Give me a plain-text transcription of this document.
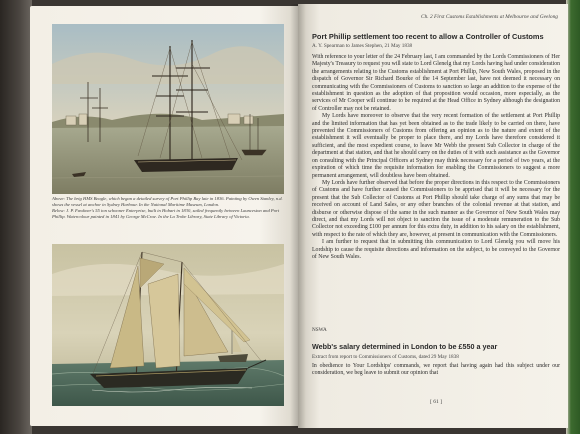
Above: The brig HMS Beagle, which began a detailed survey of Port Phillip Bay late in 1836. Painting by Owen Stanley, n.d. shows the vessel at anchor in Sydney Harbour. In the National Maritime Museum, London.

Below: J. P. Fawkner's 55 ton schooner Enterprise, built in Hobart in 1830, sailed frequently between Launceston and Port Phillip. Watercolour painted in 1841 by George McCrae. In the La Trobe Library, State Library of Victoria.

Ch. 2 First Customs Establishments at Melbourne and Geelong
Port Phillip settlement too recent to allow a Controller of Customs
A. Y. Spearman to James Stephen, 21 May 1838

With reference to your letter of the 24 February last, I am commanded by the Lords Commissioners of Her Majesty's Treasury to request you will state to Lord Glenelg that my Lords having had under consideration the arrangements relating to the Customs establishment at Port Phillip, New South Wales, proposed in the dispatch of Governor Sir Richard Bourke of the 14 September last, have not deemed it necessary on communicating with the Commissioners of Customs to sanction so large an addition to the expense of the establishment in question as the adoption of that proposition would occasion, more especially, as the services of Mr Cooper will continue to be required at the Head Office in Sydney although the designation of Controller may not be retained.

My Lords have moreover to observe that the very recent formation of the settlement at Port Phillip and the limited information that has yet been obtained as to the trade likely to be carried on there, have prevented the Commissioners of Customs from offering an opinion as to the nature and extent of the establishment it will eventually be proper to place there, and my Lords have therefore considered it sufficient, and the most expedient course, to leave Mr Webb the present Sub Collector in charge of the department at that station, and that he should carry on the duties of it with such assistance as the Governor on consulting with the Principal Officers at Sydney may think necessary for a period of two years, at the expiration of which time the requisite information for enabling the Commissioners to suggest a more permanent arrangement, will doubtless have been obtained.

My Lords have further observed that before the proper directions in this respect to the Commissioners of Customs and have further caused the Commissioners to be apprised that it will be necessary for the present that the Sub Collector of Customs at Port Phillip should take charge of any sums that may be received on account of Land Sales, or any other branches of the colonial revenue at that station, and disburse or otherwise dispose of the same in the such manner as the Governor of New South Wales may direct, and that my Lords will not object to sanction the issue of a moderate remuneration to the Sub Collector not exceeding £100 per annum for this extra duty, in addition to his salary on the establishment, with respect to the rate of which they are, however, at present in communication with the Commissioners.

I am further to request that in submitting this communication to Lord Glenelg you will move his Lordship to cause the requisite directions and information on the subject, to be conveyed to the Governor of New South Wales.

NSWA
Webb's salary determined in London to be £550 a year
Extract from report to Commissioners of Customs, dated 29 May 1838

In obedience to Your Lordships' commands, we report that having again had this subject under our consideration, we beg leave to submit our opinion that

[ 61 ]
